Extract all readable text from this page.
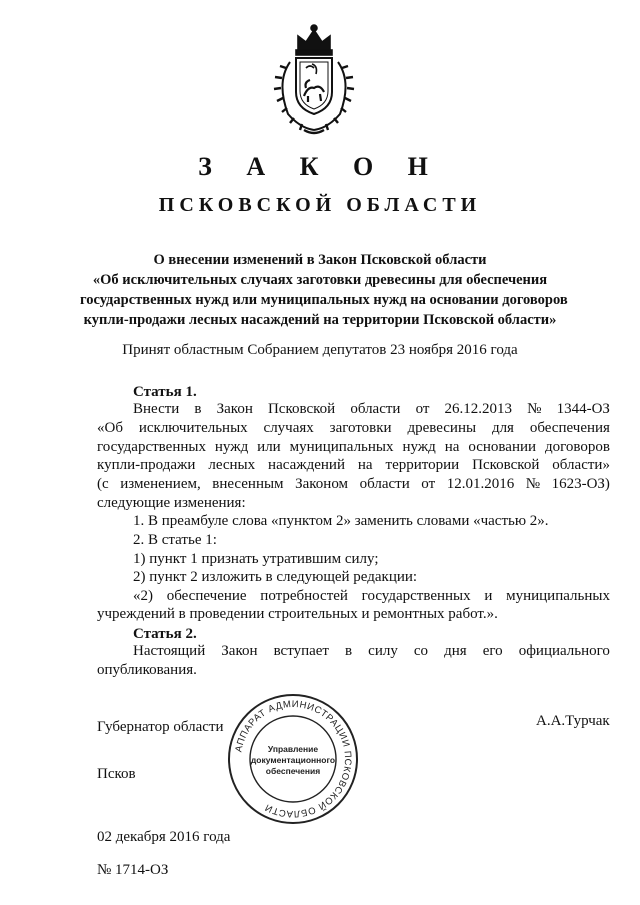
З А К О Н
ПСКОВСКОЙ ОБЛАСТИ
О внесении изменений в Закон Псковской области
«Об исключительных случаях заготовки древесины для обеспечения
государственных нужд или муниципальных нужд на основании договоров
купли-продажи лесных насаждений на территории Псковской области»
Принят областным Собранием депутатов 23 ноября 2016 года
Статья 1.
Внести в Закон Псковской области от 26.12.2013 № 1344-ОЗ
«Об исключительных случаях заготовки древесины для обеспечения
государственных нужд или муниципальных нужд на основании договоров
купли-продажи лесных насаждений на территории Псковской области»
(с изменением, внесенным Законом области от 12.01.2016 № 1623-ОЗ)
следующие изменения:
1. В преамбуле слова «пунктом 2» заменить словами «частью 2».
2. В статье 1:
1) пункт 1 признать утратившим силу;
2) пункт 2 изложить в следующей редакции:
«2) обеспечение потребностей государственных и муниципальных
учреждений в проведении строительных и ремонтных работ.».
Статья 2.
Настоящий Закон вступает в силу со дня его официального
опубликования.
Губернатор области	А.А.Турчак
Псков
02 декабря 2016 года
№ 1714-ОЗ
АППАРАТ АДМИНИСТРАЦИИ ПСКОВСКОЙ ОБЛАСТИ
Управление
документационного
обеспечения
